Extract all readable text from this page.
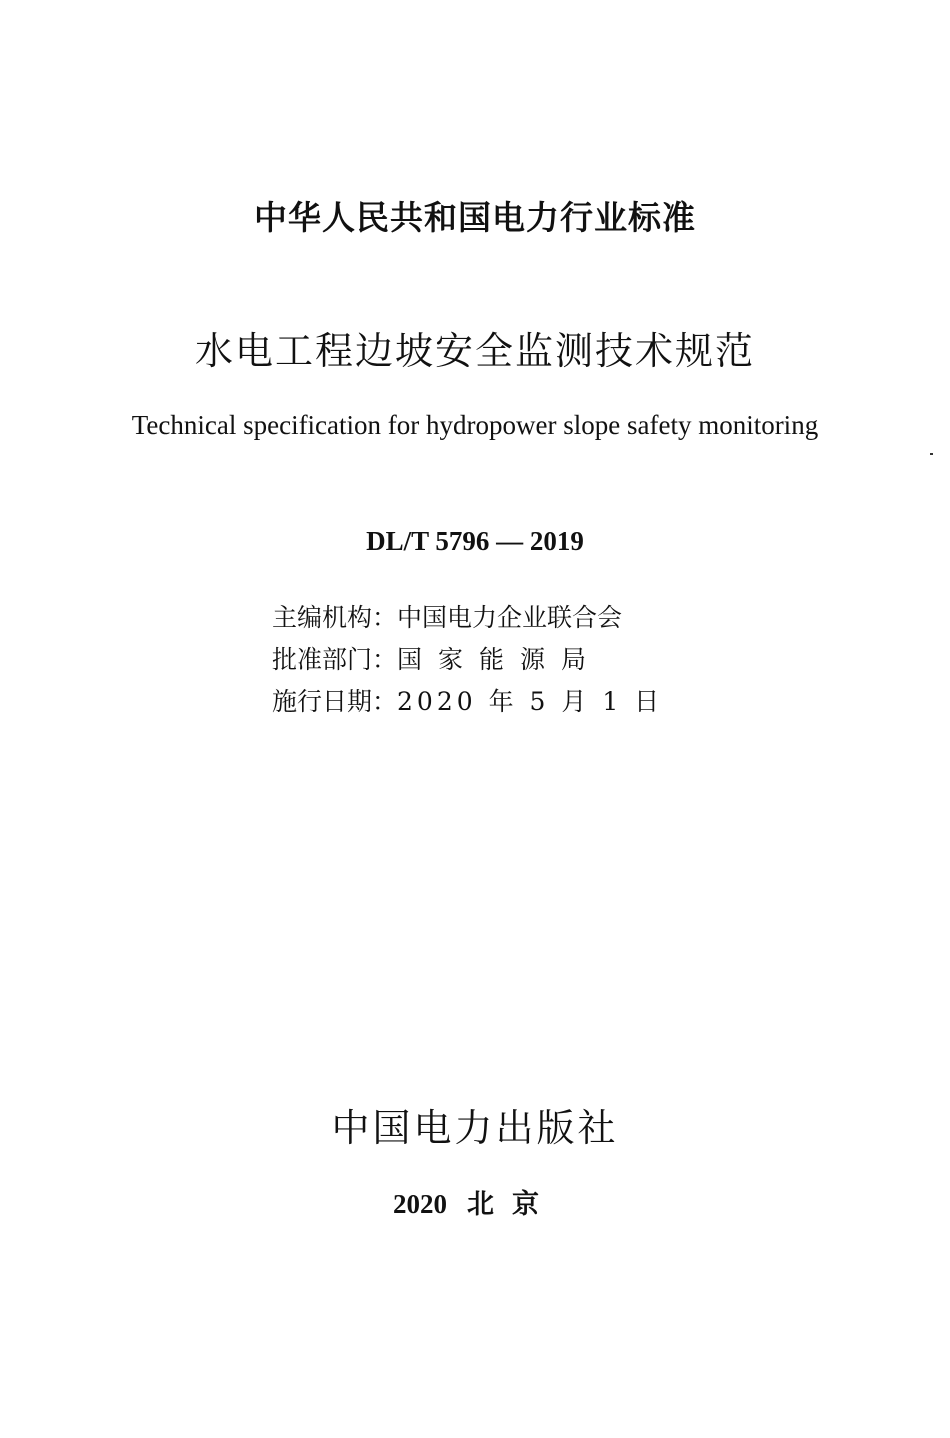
中华人民共和国电力行业标准
水电工程边坡安全监测技术规范
Technical specification for hydropower slope safety monitoring
DL/T 5796 — 2019
主编机构：中国电力企业联合会
批准部门：国家能源局
施行日期：2020 年 5 月 1 日
中国电力出版社
2020 北京
